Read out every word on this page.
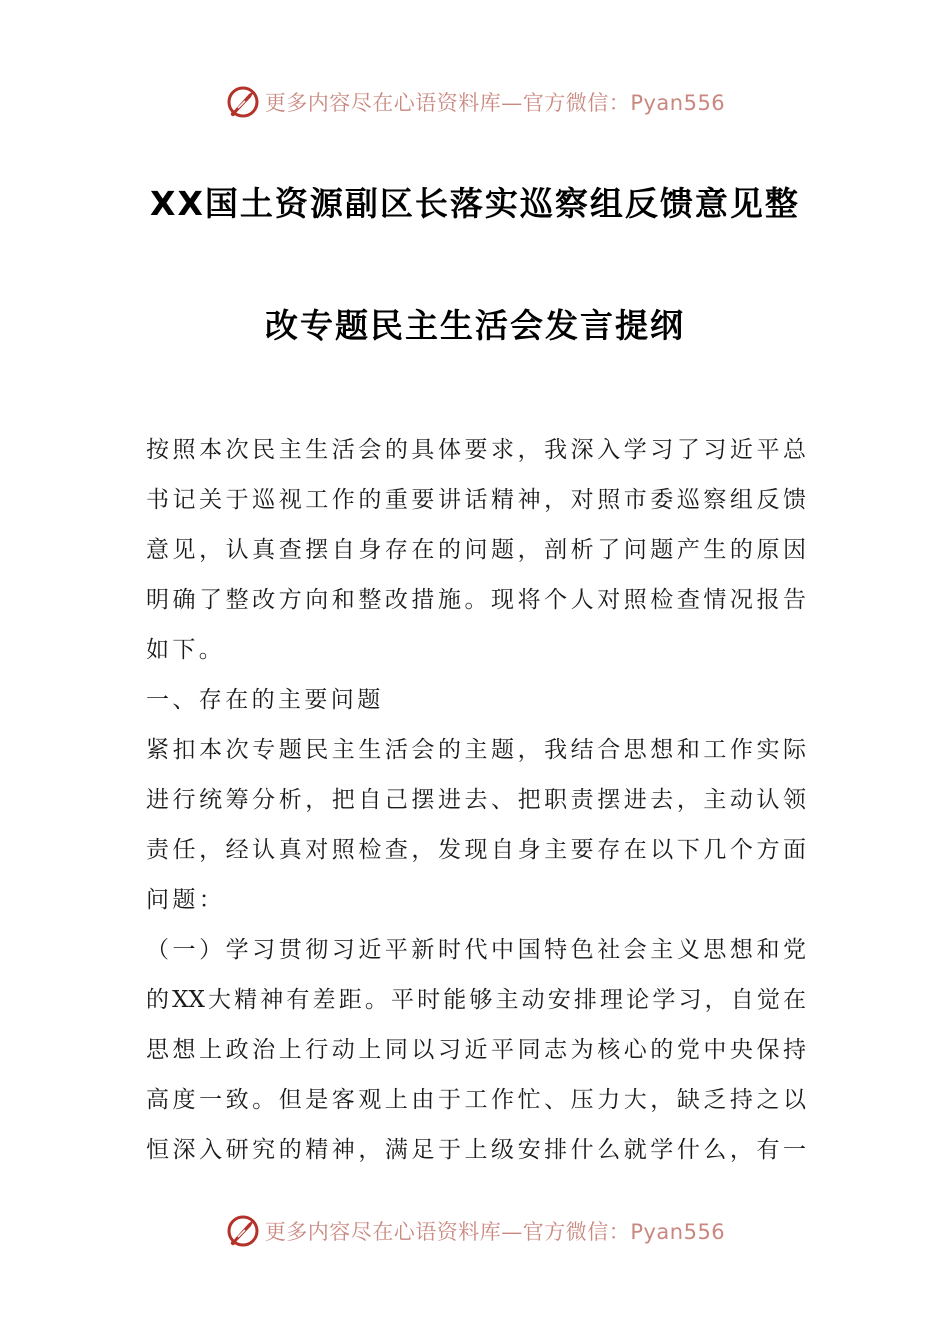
更多内容尽在心语资料库—官方微信：Pyan556
XX国土资源副区长落实巡察组反馈意见整
改专题民主生活会发言提纲
按照本次民主生活会的具体要求，我深入学习了习近平总
书记关于巡视工作的重要讲话精神，对照市委巡察组反馈
意见，认真查摆自身存在的问题，剖析了问题产生的原因
明确了整改方向和整改措施。现将个人对照检查情况报告
如下。
一、存在的主要问题
紧扣本次专题民主生活会的主题，我结合思想和工作实际
进行统筹分析，把自己摆进去、把职责摆进去，主动认领
责任，经认真对照检查，发现自身主要存在以下几个方面
问题：
（一）学习贯彻习近平新时代中国特色社会主义思想和党
的XX大精神有差距。平时能够主动安排理论学习，自觉在
思想上政治上行动上同以习近平同志为核心的党中央保持
高度一致。但是客观上由于工作忙、压力大，缺乏持之以
恒深入研究的精神，满足于上级安排什么就学什么，有一
更多内容尽在心语资料库—官方微信：Pyan556
